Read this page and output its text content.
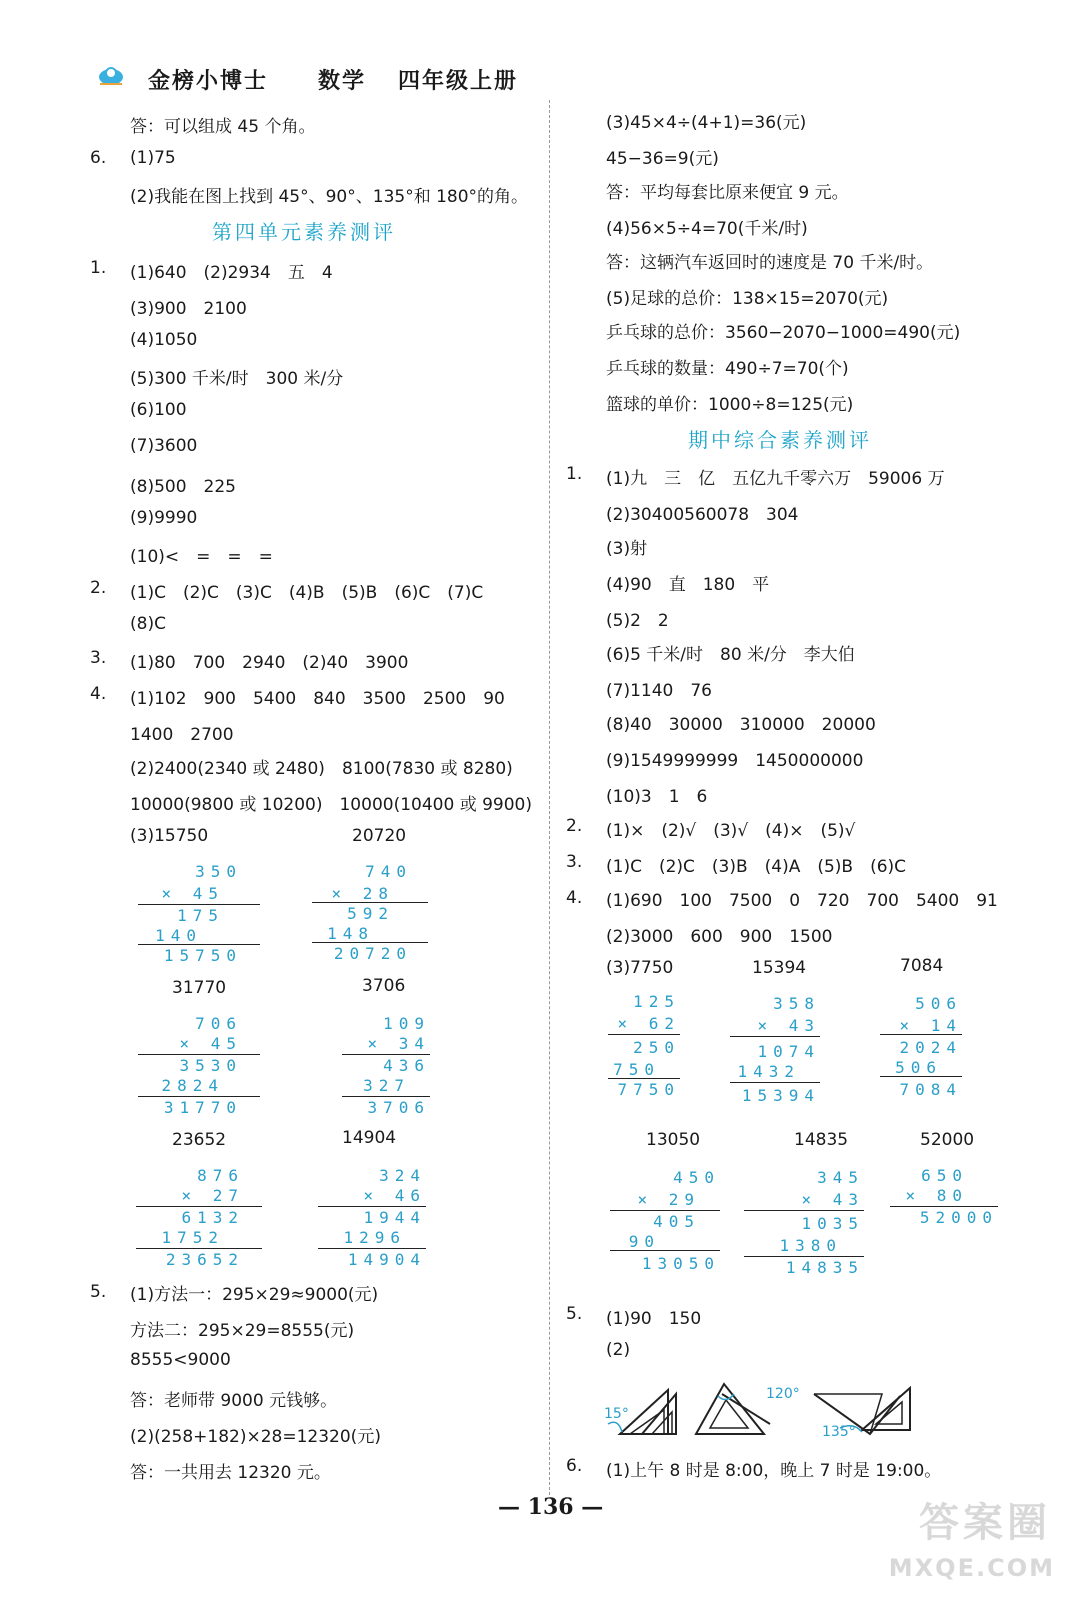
金榜小博士 数学 四年级上册
答：可以组成 45 个角。
6. (1)75
(2)我能在图上找到 45°、90°、135°和 180°的角。
第四单元素养测评
1. (1)640　(2)2934　五　4
(3)900　2100
(4)1050
(5)300 千米/时　300 米/分
(6)100
(7)3600
(8)500　225
(9)9990
(10)<　=　=　=
2. (1)C　(2)C　(3)C　(4)B　(5)B　(6)C　(7)C
(8)C
3. (1)80　700　2940　(2)40　3900
4. (1)102　900　5400　840　3500　2500　90
1400　2700
(2)2400(2340 或 2480)　8100(7830 或 8280)
10000(9800 或 10200)　10000(10400 或 9900)
(3)15750	20720
31770	3706
23652	14904
5. (1)方法一：295×29≈9000(元)
方法二：295×29=8555(元)
8555<9000
答：老师带 9000 元钱够。
(2)(258+182)×28=12320(元)
答：一共用去 12320 元。
350
× 45
175
140
15750
740
× 28
592
148
20720
706
× 45
3530
2824
31770
109
× 34
436
327
3706
876
× 27
6132
1752
23652
324
× 46
1944
1296
14904
(3)45×4÷(4+1)=36(元)
45−36=9(元)
答：平均每套比原来便宜 9 元。
(4)56×5÷4=70(千米/时)
答：这辆汽车返回时的速度是 70 千米/时。
(5)足球的总价：138×15=2070(元)
乒乓球的总价：3560−2070−1000=490(元)
乒乓球的数量：490÷7=70(个)
篮球的单价：1000÷8=125(元)
期中综合素养测评
1. (1)九　三　亿　五亿九千零六万　59006 万
(2)30400560078　304
(3)射
(4)90　直　180　平
(5)2　2
(6)5 千米/时　80 米/分　李大伯
(7)1140　76
(8)40　30000　310000　20000
(9)1549999999　1450000000
(10)3　1　6
2. (1)×　(2)√　(3)√　(4)×　(5)√
3. (1)C　(2)C　(3)B　(4)A　(5)B　(6)C
4. (1)690　100　7500　0　720　700　5400　91
(2)3000　600　900　1500
(3)7750	15394	7084
13050	14835	52000
5. (1)90　150
(2)
6. (1)上午 8 时是 8:00，晚上 7 时是 19:00。
125
× 62
250
750
7750
358
× 43
1074
1432
15394
506
× 14
2024
506
7084
450
× 29
405
90
13050
345
× 43
1035
1380
14835
650
× 80
52000
15°
120°
135°
— 136 —	答案圈
MXQE.COM
